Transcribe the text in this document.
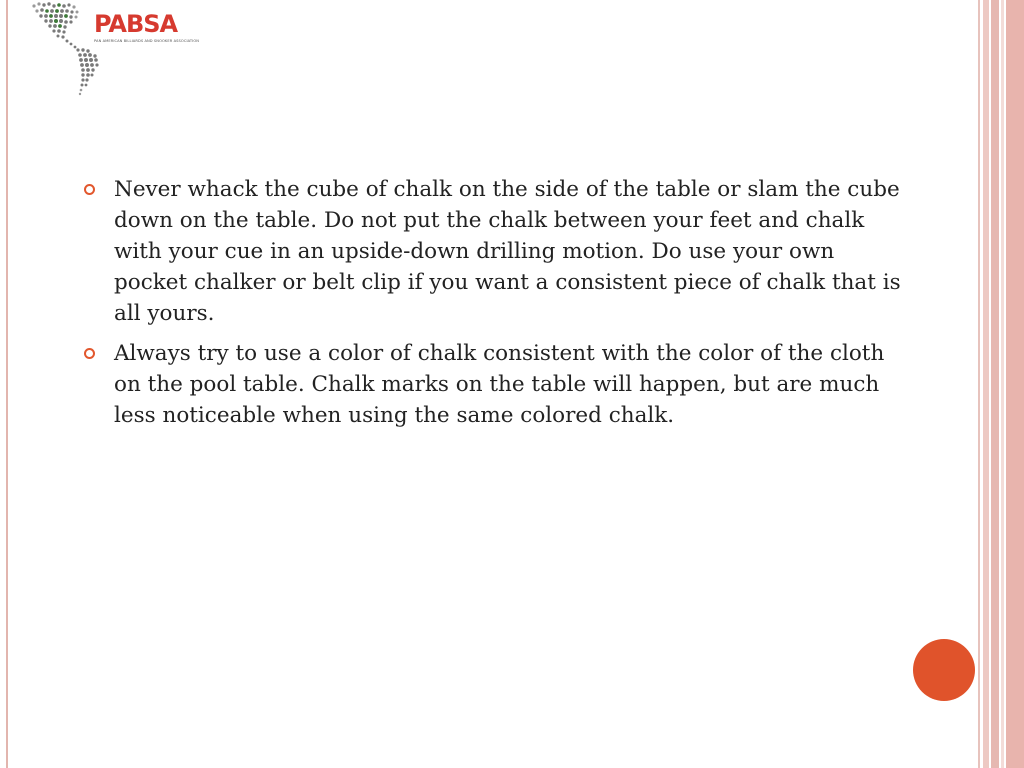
PABSA
PAN AMERICAN BILLIARDS AND SNOOKER ASSOCIATION
Never whack the cube of chalk on the side of the table or slam the cube down on the table. Do not put the chalk between your feet and chalk with your cue in an upside-down drilling motion. Do use your own pocket chalker or belt clip if you want a consistent piece of chalk that is all yours.
Always try to use a color of chalk consistent with the color of the cloth on the pool table. Chalk marks on the table will happen, but are much less noticeable when using the same colored chalk.
